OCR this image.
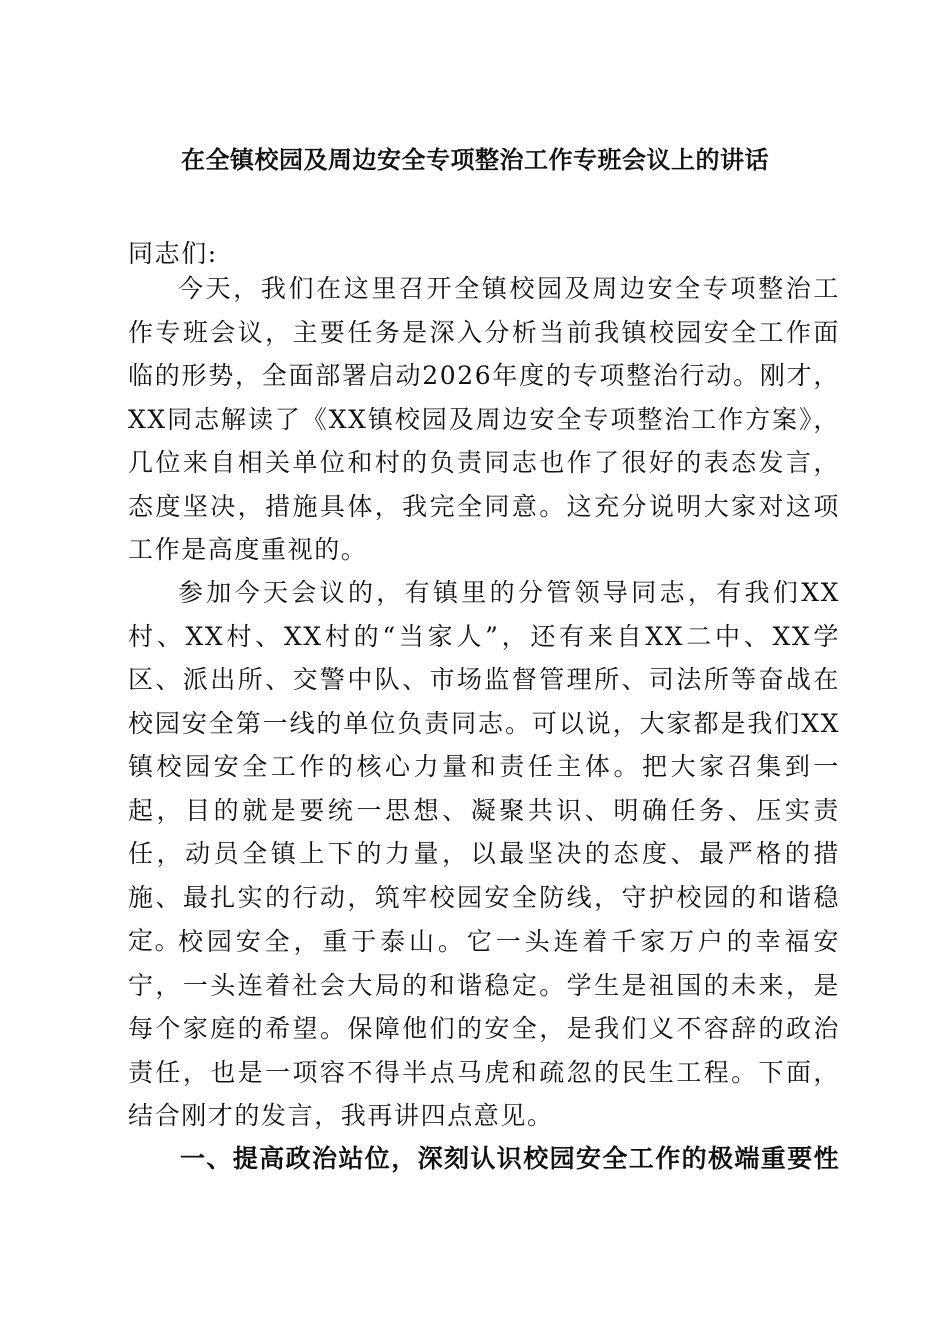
在全镇校园及周边安全专项整治工作专班会议上的讲话
同志们:

今天，我们在这里召开全镇校园及周边安全专项整治工作专班会议，主要任务是深入分析当前我镇校园安全工作面临的形势，全面部署启动2026年度的专项整治行动。刚才，XX同志解读了《XX镇校园及周边安全专项整治工作方案》，几位来自相关单位和村的负责同志也作了很好的表态发言，态度坚决，措施具体，我完全同意。这充分说明大家对这项工作是高度重视的。

参加今天会议的，有镇里的分管领导同志，有我们XX村、XX村、XX村的“当家人”，还有来自XX二中、XX学区、派出所、交警中队、市场监督管理所、司法所等奋战在校园安全第一线的单位负责同志。可以说，大家都是我们XX镇校园安全工作的核心力量和责任主体。把大家召集到一起，目的就是要统一思想、凝聚共识、明确任务、压实责任，动员全镇上下的力量，以最坚决的态度、最严格的措施、最扎实的行动，筑牢校园安全防线，守护校园的和谐稳定。

校园安全，重于泰山。它一头连着千家万户的幸福安宁，一头连着社会大局的和谐稳定。学生是祖国的未来，是每个家庭的希望。保障他们的安全，是我们义不容辞的政治责任，也是一项容不得半点马虎和疏忽的民生工程。下面，结合刚才的发言，我再讲四点意见。

一、提高政治站位，深刻认识校园安全工作的极端重要性
